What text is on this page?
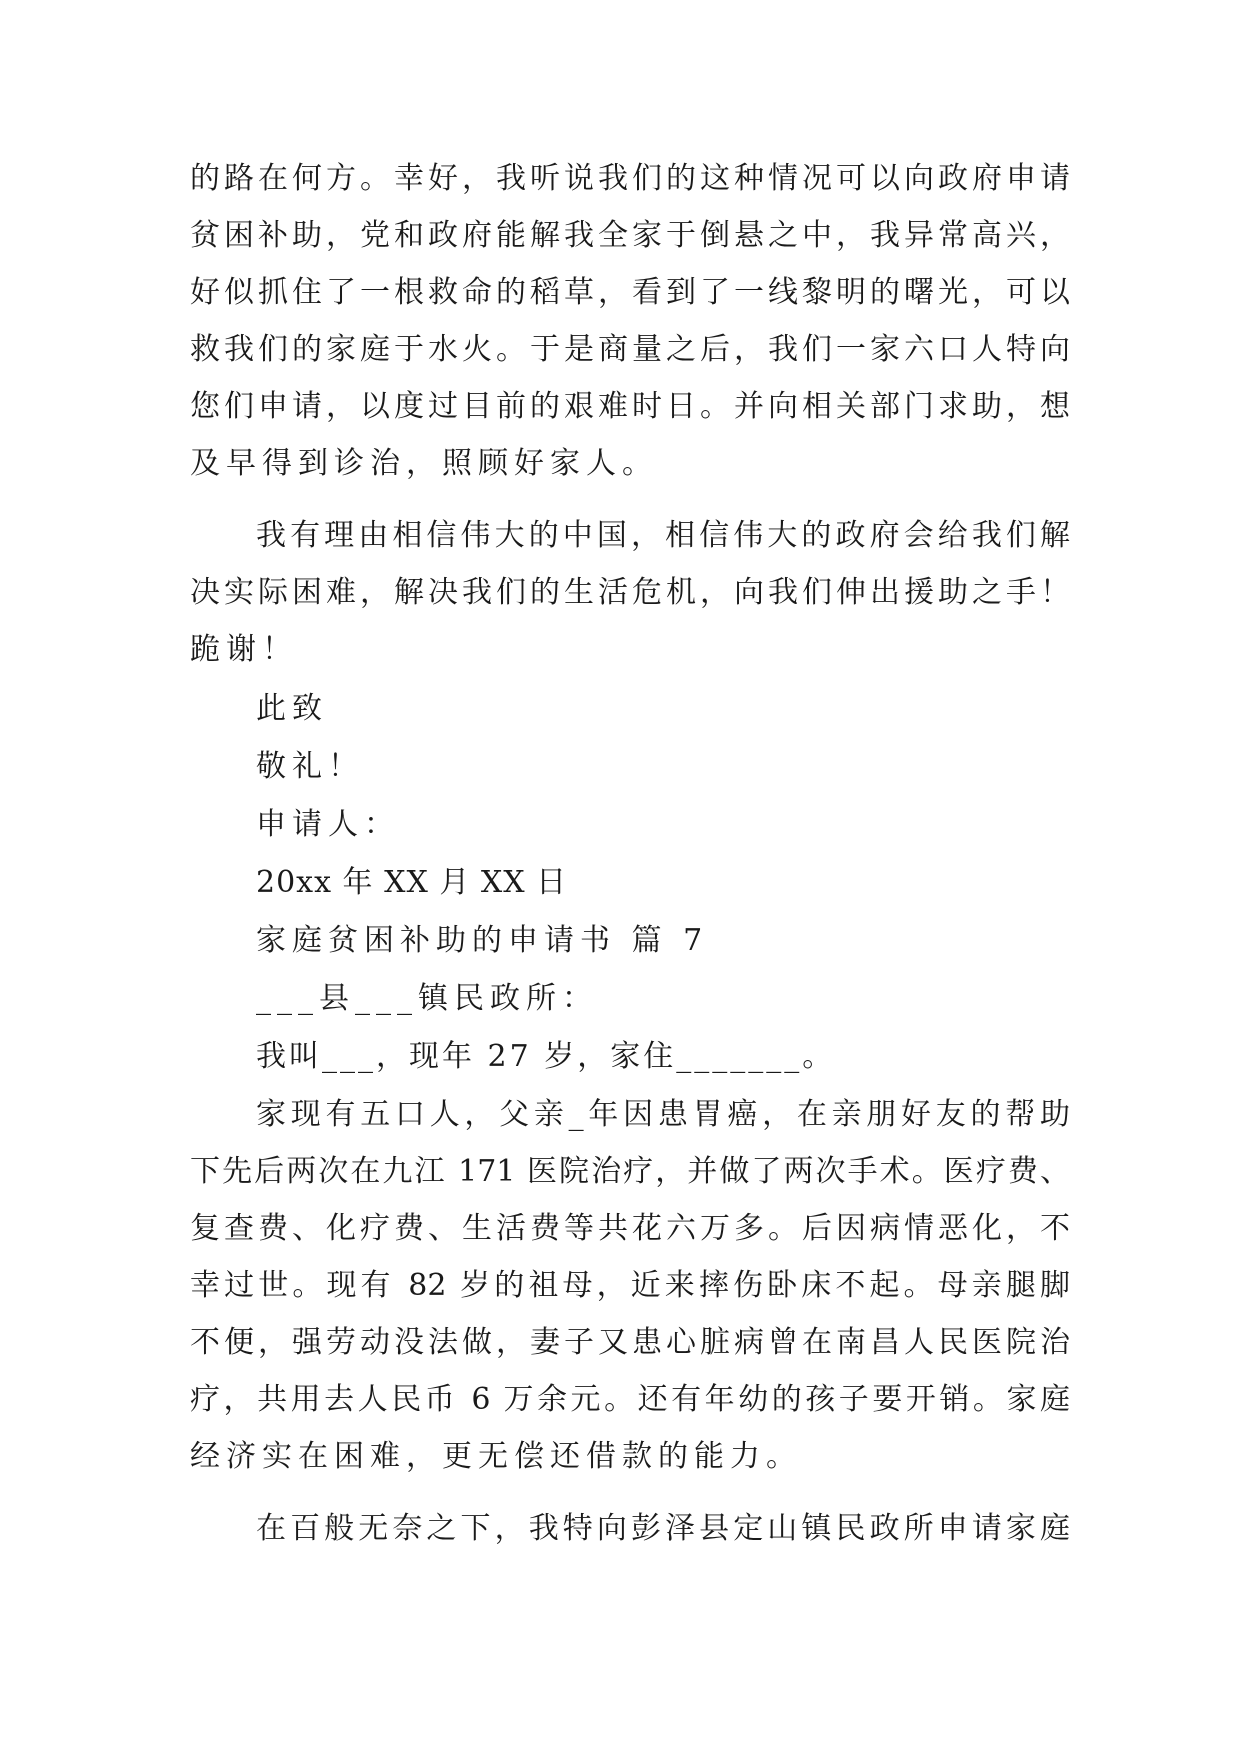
的路在何方。幸好，我听说我们的这种情况可以向政府申请
贫困补助，党和政府能解我全家于倒悬之中，我异常高兴，
好似抓住了一根救命的稻草，看到了一线黎明的曙光，可以
救我们的家庭于水火。于是商量之后，我们一家六口人特向
您们申请，以度过目前的艰难时日。并向相关部门求助，想
及早得到诊治，照顾好家人。
我有理由相信伟大的中国，相信伟大的政府会给我们解
决实际困难，解决我们的生活危机，向我们伸出援助之手！
跪谢！
此致
敬礼！
申请人：
20xx 年 XX 月 XX 日
家庭贫困补助的申请书 篇 7
___县___镇民政所：
我叫___，现年 27 岁，家住_______。
家现有五口人，父亲_年因患胃癌，在亲朋好友的帮助
下先后两次在九江 171 医院治疗，并做了两次手术。医疗费、
复查费、化疗费、生活费等共花六万多。后因病情恶化，不
幸过世。现有 82 岁的祖母，近来摔伤卧床不起。母亲腿脚
不便，强劳动没法做，妻子又患心脏病曾在南昌人民医院治
疗，共用去人民币 6 万余元。还有年幼的孩子要开销。家庭
经济实在困难，更无偿还借款的能力。
在百般无奈之下，我特向彭泽县定山镇民政所申请家庭
